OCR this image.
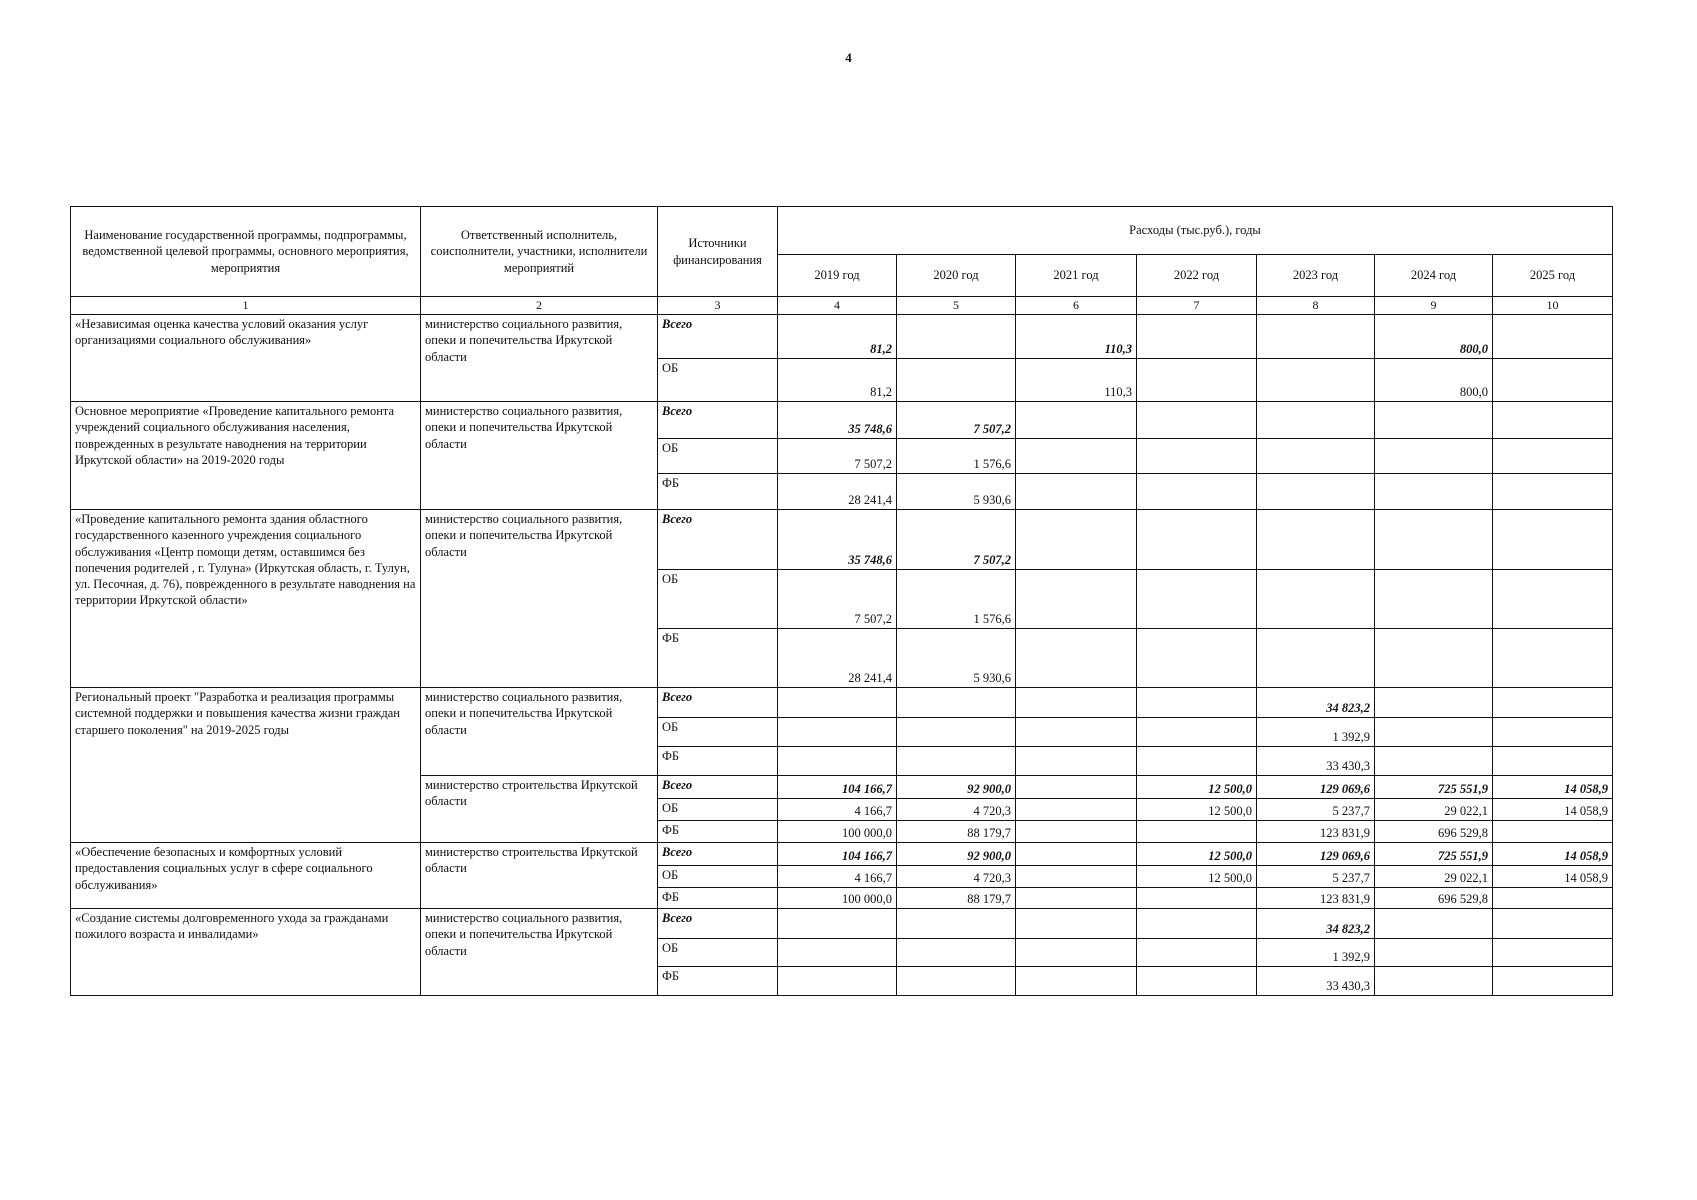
4
Наименование государственной программы, подпрограммы, ведомственной целевой программы, основного мероприятия, мероприятия	Ответственный исполнитель, соисполнители, участники, исполнители мероприятий	Источники финансирования	Расходы (тыс.руб.), годы						
			2019 год	2020 год	2021 год	2022 год	2023 год	2024 год	2025 год
1	2	3	4	5	6	7	8	9	10
«Независимая оценка качества условий оказания услуг организациями социального обслуживания»	министерство социального развития, опеки и попечительства Иркутской области	Всего	81,2		110,3			800,0	
		ОБ	81,2		110,3			800,0	
Основное мероприятие «Проведение капитального ремонта учреждений социального обслуживания населения, поврежденных в результате наводнения на территории Иркутской области» на 2019-2020 годы	министерство социального развития, опеки и попечительства Иркутской области	Всего	35 748,6	7 507,2					
		ОБ	7 507,2	1 576,6					
		ФБ	28 241,4	5 930,6					
«Проведение капитального ремонта здания областного государственного казенного учреждения социального обслуживания «Центр помощи детям, оставшимся без попечения родителей , г. Тулуна» (Иркутская область, г. Тулун, ул. Песочная, д. 76), поврежденного в результате наводнения на территории Иркутской области»	министерство социального развития, опеки и попечительства Иркутской области	Всего	35 748,6	7 507,2					
		ОБ	7 507,2	1 576,6					
		ФБ	28 241,4	5 930,6					
Региональный проект "Разработка и реализация программы системной поддержки и повышения качества жизни граждан старшего поколения" на 2019-2025 годы	министерство социального развития, опеки и попечительства Иркутской области	Всего					34 823,2		
		ОБ					1 392,9		
		ФБ					33 430,3		
	министерство строительства Иркутской области	Всего	104 166,7	92 900,0		12 500,0	129 069,6	725 551,9	14 058,9
		ОБ	4 166,7	4 720,3		12 500,0	5 237,7	29 022,1	14 058,9
		ФБ	100 000,0	88 179,7			123 831,9	696 529,8	
«Обеспечение безопасных и комфортных условий предоставления социальных услуг в сфере социального обслуживания»	министерство строительства Иркутской области	Всего	104 166,7	92 900,0		12 500,0	129 069,6	725 551,9	14 058,9
		ОБ	4 166,7	4 720,3		12 500,0	5 237,7	29 022,1	14 058,9
		ФБ	100 000,0	88 179,7			123 831,9	696 529,8	
«Создание системы долговременного ухода за гражданами пожилого возраста и инвалидами»	министерство социального развития, опеки и попечительства Иркутской области	Всего					34 823,2		
		ОБ					1 392,9		
		ФБ					33 430,3		
